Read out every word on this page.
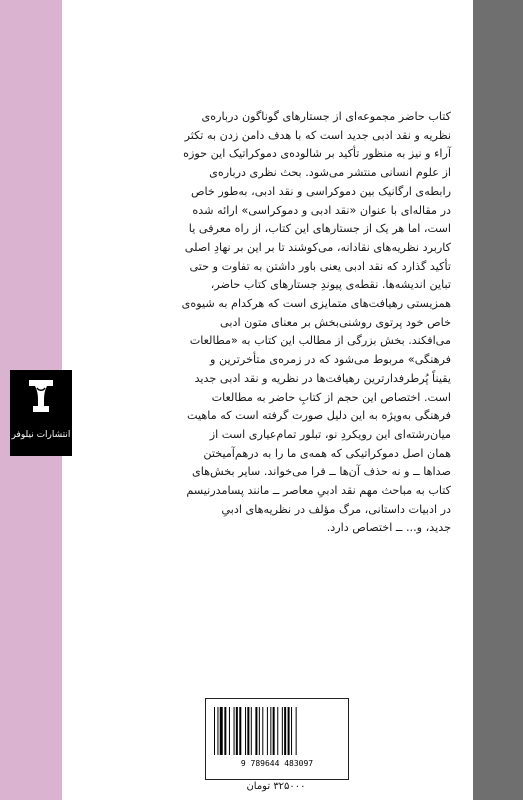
انتشارات نیلوفر

کتاب حاضر مجموعه‌ای از جستارهای گوناگون درباره‌ی
نظریه و نقد ادبی جدید است که با هدف دامن زدن به تکثر
آراء و نیز به منظور تأکید بر شالوده‌ی دموکراتیک این حوزه
از علوم انسانی منتشر می‌شود. بحث نظری درباره‌ی
رابطه‌ی ارگانیک بین دموکراسی و نقد ادبی، به‌طور خاص
در مقاله‌ای با عنوان «نقد ادبی و دموکراسی» ارائه شده
است، اما هر یک از جستارهای این کتاب، از راه معرفی یا
کاربرد نظریه‌های نقادانه، می‌کوشند تا بر این بر نهادِ اصلی
تأکید گذارد که نقد ادبی یعنی باور داشتن به تفاوت و حتی
تباین اندیشه‌ها. نقطه‌ی پیوندِ جستارهای کتاب حاضر،
همزیستی رهیافت‌های متمایزی است که هرکدام به شیوه‌ی
خاص خود پرتوی روشنی‌بخش بر معنای متون ادبی
می‌افکند. بخش بزرگی از مطالب این کتاب به «مطالعات
فرهنگی» مربوط می‌شود که در زمره‌ی متأخرترین و
یقیناً پُرطرفدارترین رهیافت‌ها در نظریه و نقد ادبی جدید
است. اختصاص این حجم از کتابِ حاضر به مطالعات
فرهنگی به‌ویژه به این دلیل صورت گرفته است که ماهیت
میان‌رشته‌ای این رویکردِ نو، تبلور تمام‌عیاری است از
همان اصل دموکراتیکی که همه‌ی ما را به درهم‌آمیختن
صداها ــ و نه حذف آن‌ها ــ فرا می‌خواند. سایر بخش‌های
کتاب به مباحث مهم نقد ادبیِ معاصر ــ مانند پسامدرنیسم
در ادبیات داستانی، مرگ مؤلف در نظریه‌های ادبیِ
جدید، و... ــ اختصاص دارد.

9 789644 483097
۳۲۵۰۰۰ تومان
